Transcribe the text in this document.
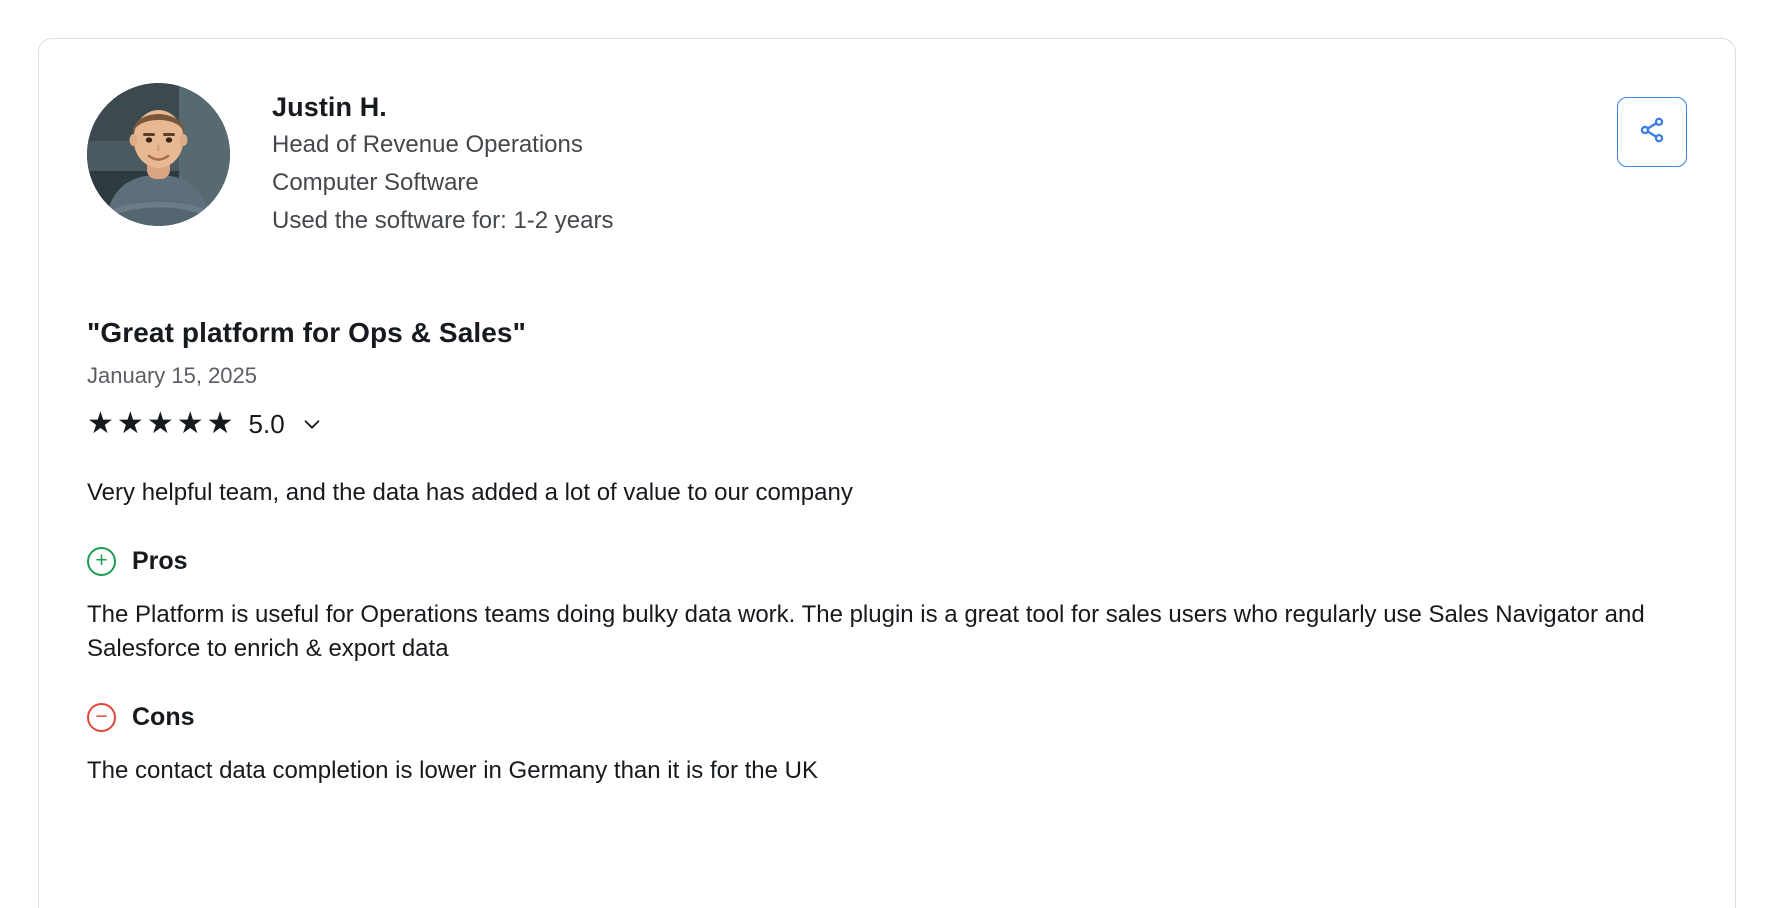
Justin H.
Head of Revenue Operations
Computer Software
Used the software for: 1-2 years
"Great platform for Ops & Sales"
January 15, 2025
★ ★ ★ ★ ★ 5.0
Very helpful team, and the data has added a lot of value to our company
+ Pros
The Platform is useful for Operations teams doing bulky data work. The plugin is a great tool for sales users who regularly use Sales Navigator and Salesforce to enrich & export data
− Cons
The contact data completion is lower in Germany than it is for the UK
